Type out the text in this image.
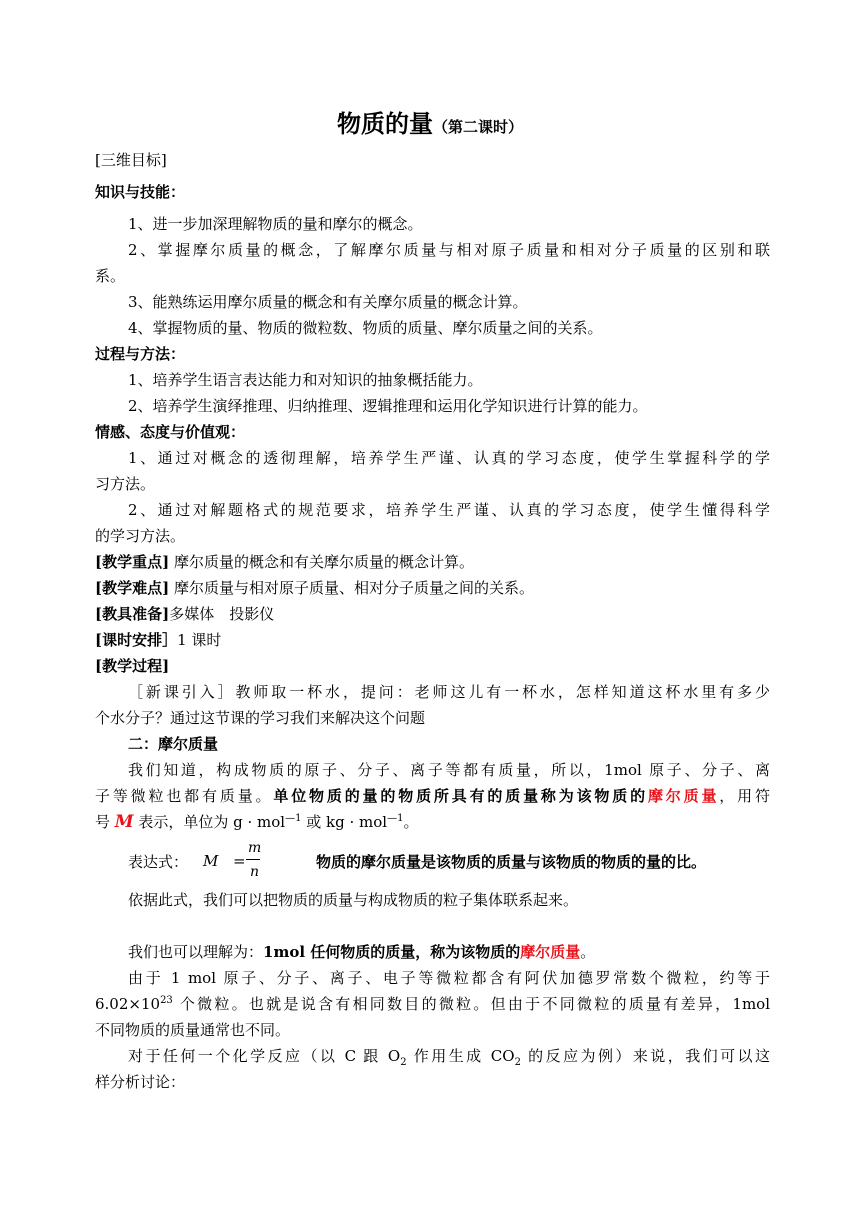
物质的量（第二课时）
[三维目标]
知识与技能：
1、进一步加深理解物质的量和摩尔的概念。
2、掌握摩尔质量的概念，了解摩尔质量与相对原子质量和相对分子质量的区别和联
系。
3、能熟练运用摩尔质量的概念和有关摩尔质量的概念计算。
4、掌握物质的量、物质的微粒数、物质的质量、摩尔质量之间的关系。
过程与方法：
1、培养学生语言表达能力和对知识的抽象概括能力。
2、培养学生演绎推理、归纳推理、逻辑推理和运用化学知识进行计算的能力。
情感、态度与价值观：
1、通过对概念的透彻理解，培养学生严谨、认真的学习态度，使学生掌握科学的学
习方法。
2、通过对解题格式的规范要求，培养学生严谨、认真的学习态度，使学生懂得科学
的学习方法。
[教学重点] 摩尔质量的概念和有关摩尔质量的概念计算。
[教学难点] 摩尔质量与相对原子质量、相对分子质量之间的关系。
[教具准备]多媒体　投影仪
[课时安排］1 课时
[教学过程]
［新课引入］教师取一杯水，提问：老师这儿有一杯水，怎样知道这杯水里有多少
个水分子？通过这节课的学习我们来解决这个问题
二：摩尔质量
我们知道，构成物质的原子、分子、离子等都有质量，所以，1mol 原子、分子、离
子等微粒也都有质量。单位物质的量的物质所具有的质量称为该物质的摩尔质量，用符
号 M 表示，单位为 g · mol$^{—1}$ 或 kg · mol$^{—1}$。
表达式： M =
m
n
物质的摩尔质量是该物质的质量与该物质的物质的量的比。
依据此式，我们可以把物质的质量与构成物质的粒子集体联系起来。
我们也可以理解为：1mol 任何物质的质量，称为该物质的摩尔质量。
由于 1 mol 原子、分子、离子、电子等微粒都含有阿伏加德罗常数个微粒，约等于
$6.02\times 10^{23}$ 个微粒。也就是说含有相同数目的微粒。但由于不同微粒的质量有差异，1mol
不同物质的质量通常也不同。
对于任何一个化学反应（以 C 跟 $O_2$ 作用生成 $CO_2$ 的反应为例）来说，我们可以这
样分析讨论：
